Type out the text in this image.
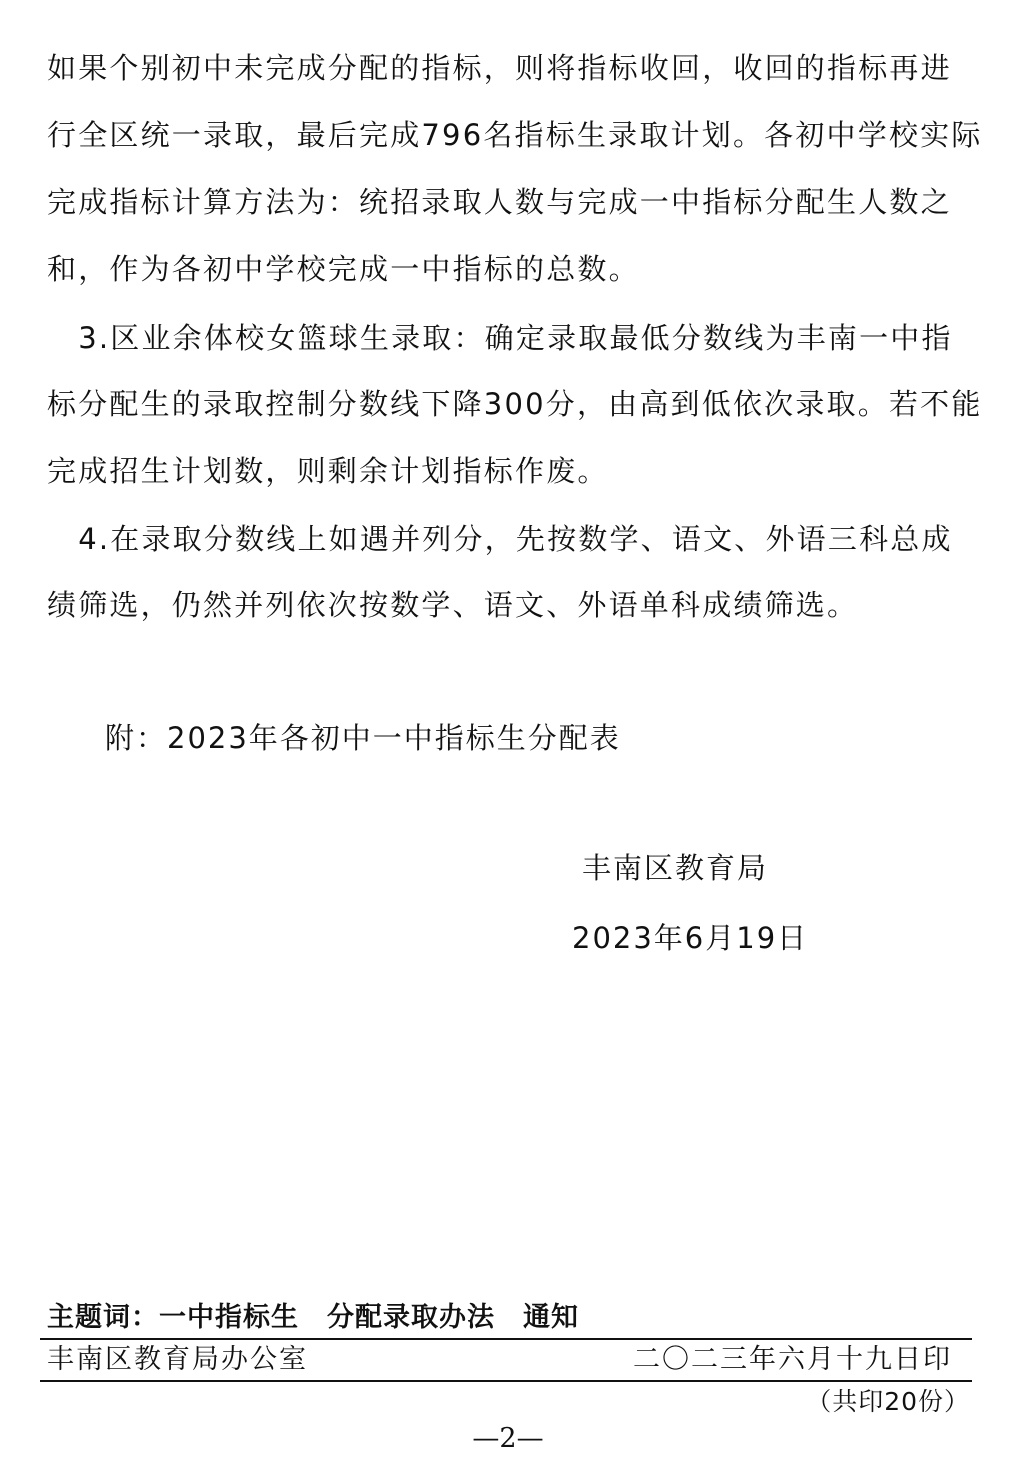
如果个别初中未完成分配的指标，则将指标收回，收回的指标再进
行全区统一录取，最后完成796名指标生录取计划。各初中学校实际
完成指标计算方法为：统招录取人数与完成一中指标分配生人数之
和，作为各初中学校完成一中指标的总数。
　3.区业余体校女篮球生录取：确定录取最低分数线为丰南一中指
标分配生的录取控制分数线下降300分，由高到低依次录取。若不能
完成招生计划数，则剩余计划指标作废。
　4.在录取分数线上如遇并列分，先按数学、语文、外语三科总成
绩筛选，仍然并列依次按数学、语文、外语单科成绩筛选。
附：2023年各初中一中指标生分配表
丰南区教育局
2023年6月19日
主题词：一中指标生　分配录取办法　通知
丰南区教育局办公室	二〇二三年六月十九日印
（共印20份）
—2—
